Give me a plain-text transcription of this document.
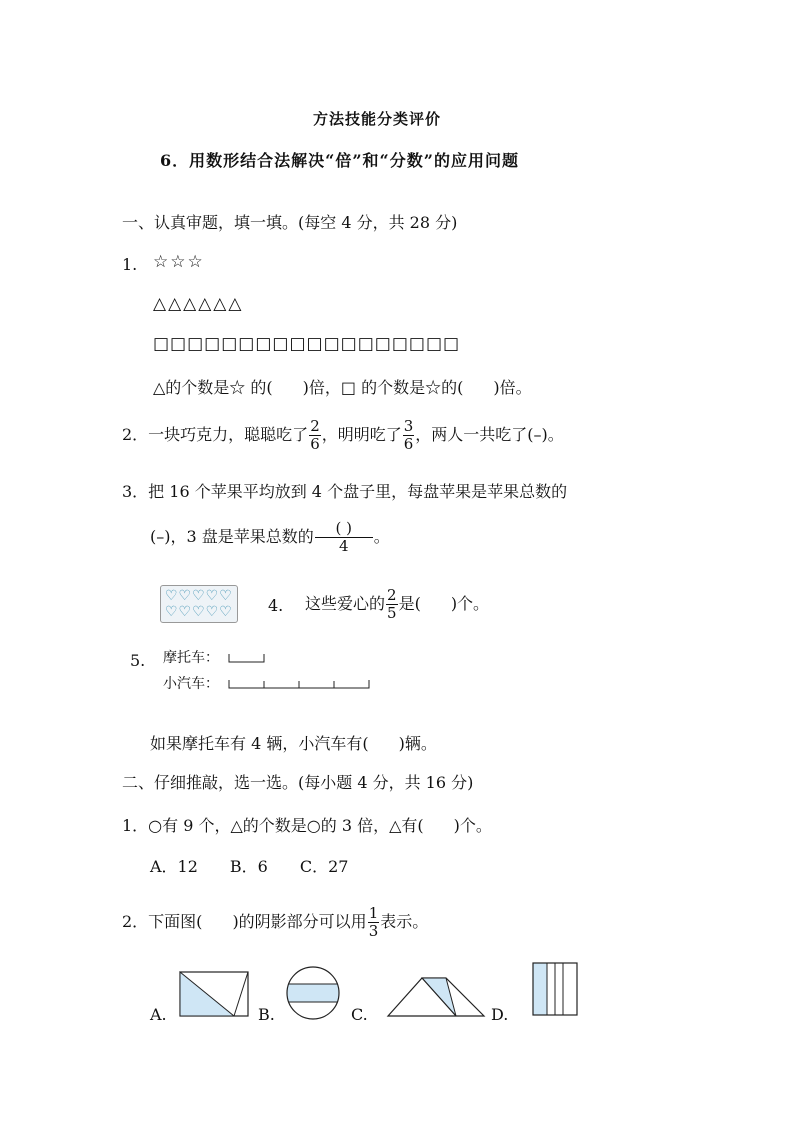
方法技能分类评价
6．用数形结合法解决“倍”和“分数”的应用问题
一、认真审题，填一填。(每空 4 分，共 28 分)
1. ☆☆☆
△△△△△△
□□□□□□□□□□□□□□□□□□
△的个数是☆ 的( )倍，□ 的个数是☆的( )倍。
2．一块巧克力，聪聪吃了 $\frac{2}{6}$ ，明明吃了 $\frac{3}{6}$ ，两人一共吃了(–)。
3．把 16 个苹果平均放到 4 个盘子里，每盘苹果是苹果总数的
(–)，3 盘是苹果总数的 $\frac{( )}{4}$ 。
♡♡♡♡♡
♡♡♡♡♡ 4. 这些爱心的 $\frac{2}{5}$ 是( )个。
5. 摩托车：
小汽车：
如果摩托车有 4 辆，小汽车有( )辆。
二、仔细推敲，选一选。(每小题 4 分，共 16 分)
1．○有 9 个，△的个数是○的 3 倍，△有( )个。
A．12　　B．6　　C．27
2．下面图( )的阴影部分可以用 $\frac{1}{3}$ 表示。
A.	B.	C.	D.
